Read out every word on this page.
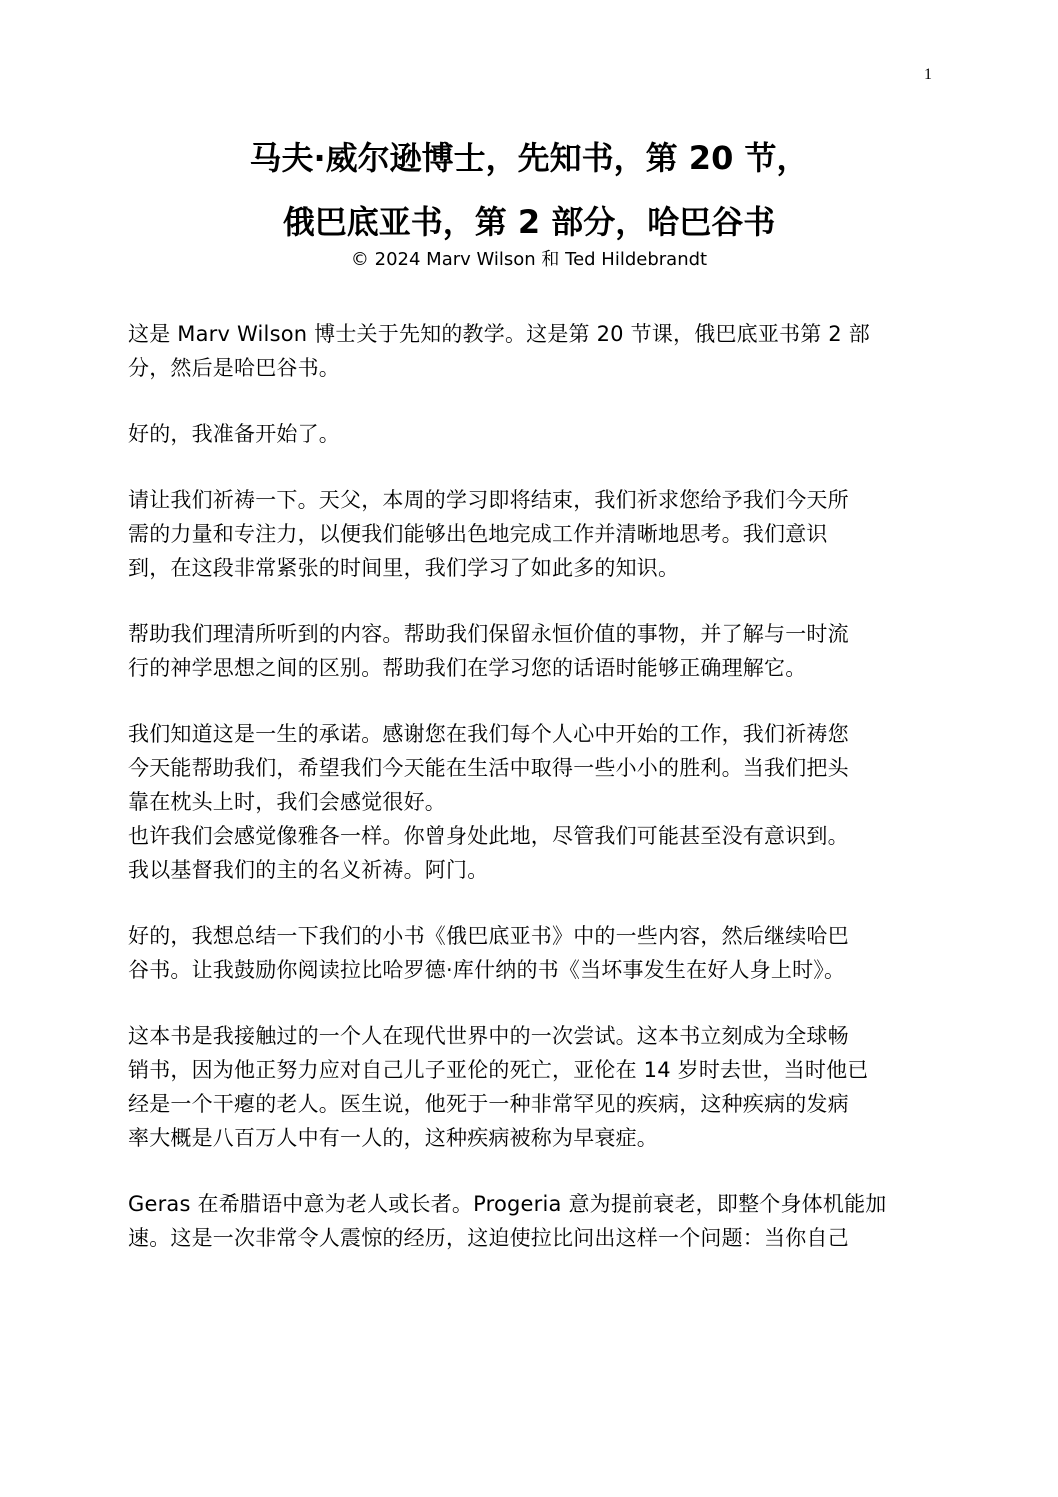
1
马夫·威尔逊博士，先知书，第 20 节，
俄巴底亚书，第 2 部分，哈巴谷书
© 2024 Marv Wilson 和 Ted Hildebrandt
这是 Marv Wilson 博士关于先知的教学。这是第 20 节课，俄巴底亚书第 2 部
分，然后是哈巴谷书。
好的，我准备开始了。
请让我们祈祷一下。天父，本周的学习即将结束，我们祈求您给予我们今天所
需的力量和专注力，以便我们能够出色地完成工作并清晰地思考。我们意识
到，在这段非常紧张的时间里，我们学习了如此多的知识。
帮助我们理清所听到的内容。帮助我们保留永恒价值的事物，并了解与一时流
行的神学思想之间的区别。帮助我们在学习您的话语时能够正确理解它。
我们知道这是一生的承诺。感谢您在我们每个人心中开始的工作，我们祈祷您
今天能帮助我们，希望我们今天能在生活中取得一些小小的胜利。当我们把头
靠在枕头上时，我们会感觉很好。
也许我们会感觉像雅各一样。你曾身处此地，尽管我们可能甚至没有意识到。
我以基督我们的主的名义祈祷。阿门。
好的，我想总结一下我们的小书《俄巴底亚书》中的一些内容，然后继续哈巴
谷书。让我鼓励你阅读拉比哈罗德·库什纳的书《当坏事发生在好人身上时》。
这本书是我接触过的一个人在现代世界中的一次尝试。这本书立刻成为全球畅
销书，因为他正努力应对自己儿子亚伦的死亡，亚伦在 14 岁时去世，当时他已
经是一个干瘪的老人。医生说，他死于一种非常罕见的疾病，这种疾病的发病
率大概是八百万人中有一人的，这种疾病被称为早衰症。
Geras 在希腊语中意为老人或长者。Progeria 意为提前衰老，即整个身体机能加
速。这是一次非常令人震惊的经历，这迫使拉比问出这样一个问题：当你自己
